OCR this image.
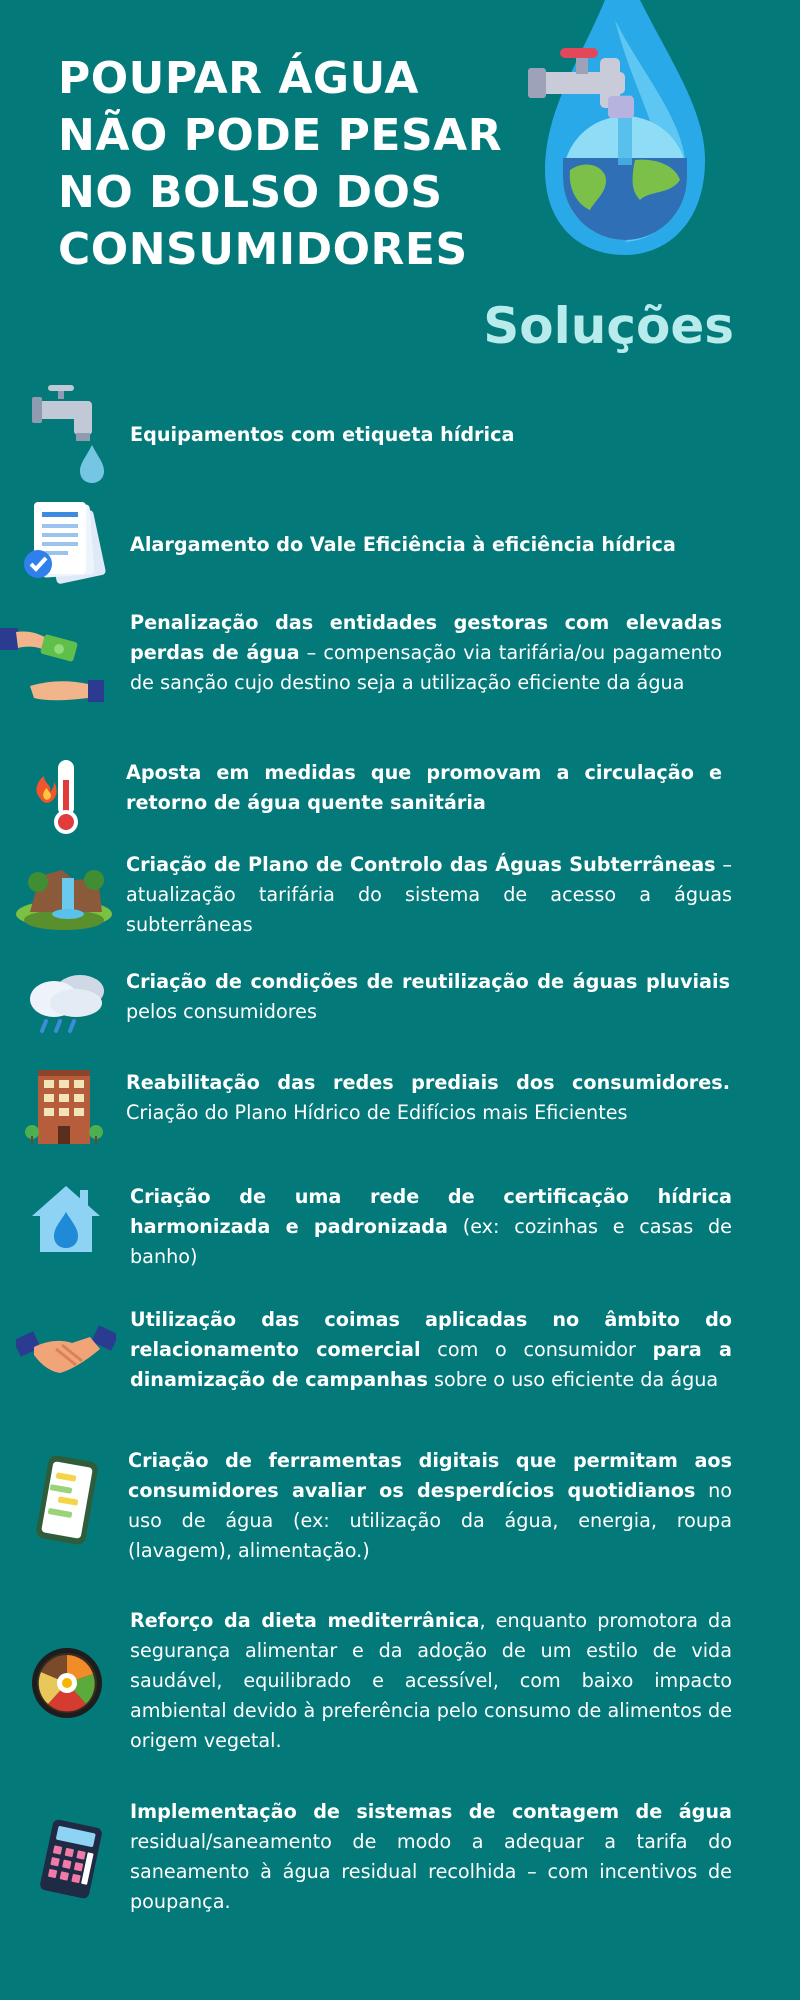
POUPAR ÁGUA
NÃO PODE PESAR
NO BOLSO DOS
CONSUMIDORES
Soluções
Equipamentos com etiqueta hídrica
Alargamento do Vale Eficiência à eficiência hídrica
Penalização das entidades gestoras com elevadas perdas de água – compensação via tarifária/ou pagamento de sanção cujo destino seja a utilização eficiente da água
Aposta em medidas que promovam a circulação e retorno de água quente sanitária
Criação de Plano de Controlo das Águas Subterrâneas – atualização tarifária do sistema de acesso a águas subterrâneas
Criação de condições de reutilização de águas pluviais pelos consumidores
Reabilitação das redes prediais dos consumidores. Criação do Plano Hídrico de Edifícios mais Eficientes
Criação de uma rede de certificação hídrica harmonizada e padronizada (ex: cozinhas e casas de banho)
Utilização das coimas aplicadas no âmbito do relacionamento comercial com o consumidor para a dinamização de campanhas sobre o uso eficiente da água
Criação de ferramentas digitais que permitam aos consumidores avaliar os desperdícios quotidianos no uso de água (ex: utilização da água, energia, roupa (lavagem), alimentação.)
Reforço da dieta mediterrânica, enquanto promotora da segurança alimentar e da adoção de um estilo de vida saudável, equilibrado e acessível, com baixo impacto ambiental devido à preferência pelo consumo de alimentos de origem vegetal.
Implementação de sistemas de contagem de água residual/saneamento de modo a adequar a tarifa do saneamento à água residual recolhida – com incentivos de poupança.
